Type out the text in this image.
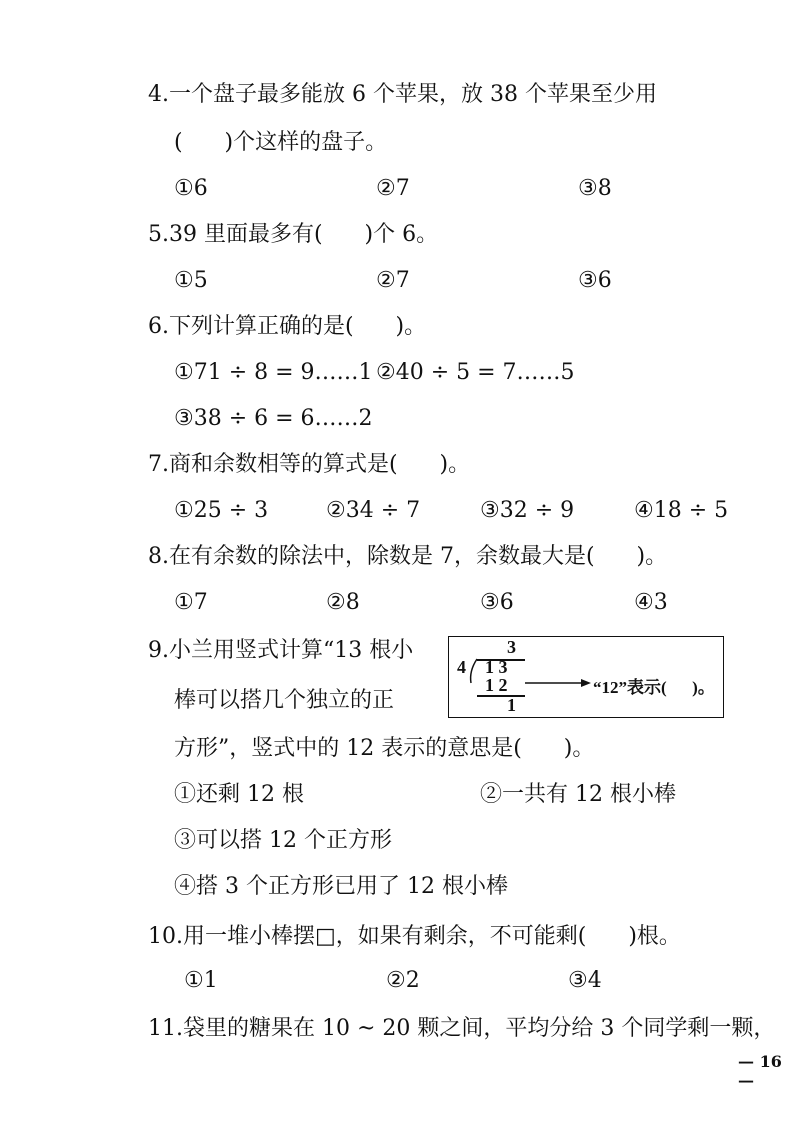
4.一个盘子最多能放 6 个苹果，放 38 个苹果至少用
(      )个这样的盘子。
①6	②7	③8
5.39 里面最多有(      )个 6。
①5	②7	③6
6.下列计算正确的是(      )。
①71 ÷ 8 = 9……1 ②40 ÷ 5 = 7……5
③38 ÷ 6 = 6……2
7.商和余数相等的算式是(      )。
①25 ÷ 3	②34 ÷ 7	③32 ÷ 9	④18 ÷ 5
8.在有余数的除法中，除数是 7，余数最大是(      )。
①7	②8	③6	④3
9.小兰用竖式计算“13 根小
棒可以搭几个独立的正
方形”，竖式中的 12 表示的意思是(      )。
3
4 1 3
1 2
1
“12”表示(      )。
①还剩 12 根	②一共有 12 根小棒
③可以搭 12 个正方形
④搭 3 个正方形已用了 12 根小棒
10.用一堆小棒摆□，如果有剩余，不可能剩(      )根。
①1	②2	③4
11.袋里的糖果在 10 ~ 20 颗之间，平均分给 3 个同学剩一颗，
— 16 —
